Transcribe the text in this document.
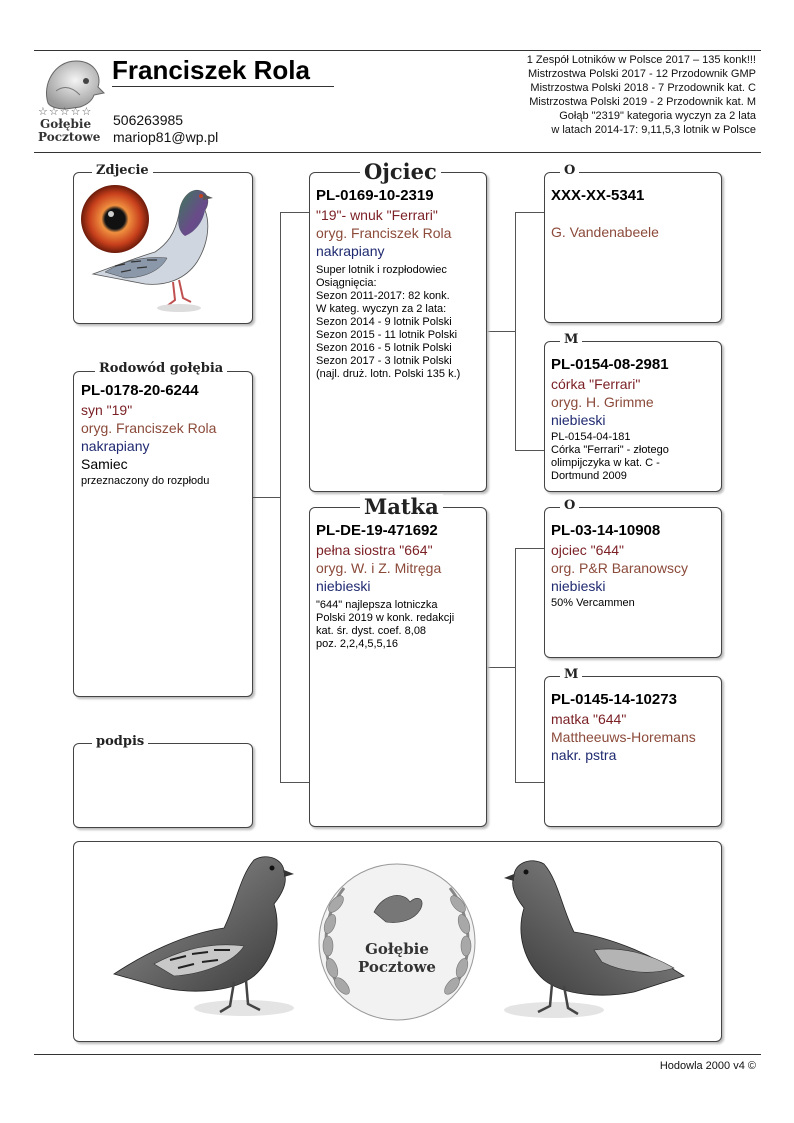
☆☆☆☆☆
Gołębie
Pocztowe
Franciszek Rola
506263985
mariop81@wp.pl
1 Zespół Lotników w Polsce 2017 – 135 konk!!!
Mistrzostwa Polski 2017 - 12 Przodownik GMP
Mistrzostwa Polski 2018 - 7 Przodownik kat. C
Mistrzostwa Polski 2019 - 2 Przodownik kat. M
Gołąb "2319" kategoria wyczyn za 2 lata
w latach 2014-17: 9,11,5,3 lotnik w Polsce
Zdjecie
PL-0178-20-6244
syn "19"
oryg. Franciszek Rola
nakrapiany
Samiec
przeznaczony do rozpłodu
Rodowód gołębia
podpis
PL-0169-10-2319
"19"- wnuk "Ferrari"
oryg. Franciszek Rola
nakrapiany
Super lotnik i rozpłodowiec
Osiągnięcia:
Sezon 2011-2017: 82 konk.
W kateg. wyczyn za 2 lata:
Sezon 2014 - 9 lotnik Polski
Sezon 2015 - 11 lotnik Polski
Sezon 2016 - 5 lotnik Polski
Sezon 2017 - 3 lotnik Polski
(najl. druż. lotn. Polski 135 k.)
Ojciec
PL-DE-19-471692
pełna siostra "664"
oryg. W. i Z. Mitręga
niebieski
"644" najlepsza lotniczka
Polski 2019 w konk. redakcji
kat. śr. dyst. coef. 8,08
poz. 2,2,4,5,5,16
Matka
XXX-XX-5341
G. Vandenabeele
O
PL-0154-08-2981
córka "Ferrari"
oryg. H. Grimme
niebieski
PL-0154-04-181
Córka "Ferrari" - złotego
olimpijczyka w kat. C -
Dortmund 2009
M
PL-03-14-10908
ojciec "644"
org. P&R Baranowscy
niebieski
50% Vercammen
O
PL-0145-14-10273
matka "644"
Mattheeuws-Horemans
nakr. pstra
M
Gołębie
Pocztowe
Hodowla 2000 v4 ©
